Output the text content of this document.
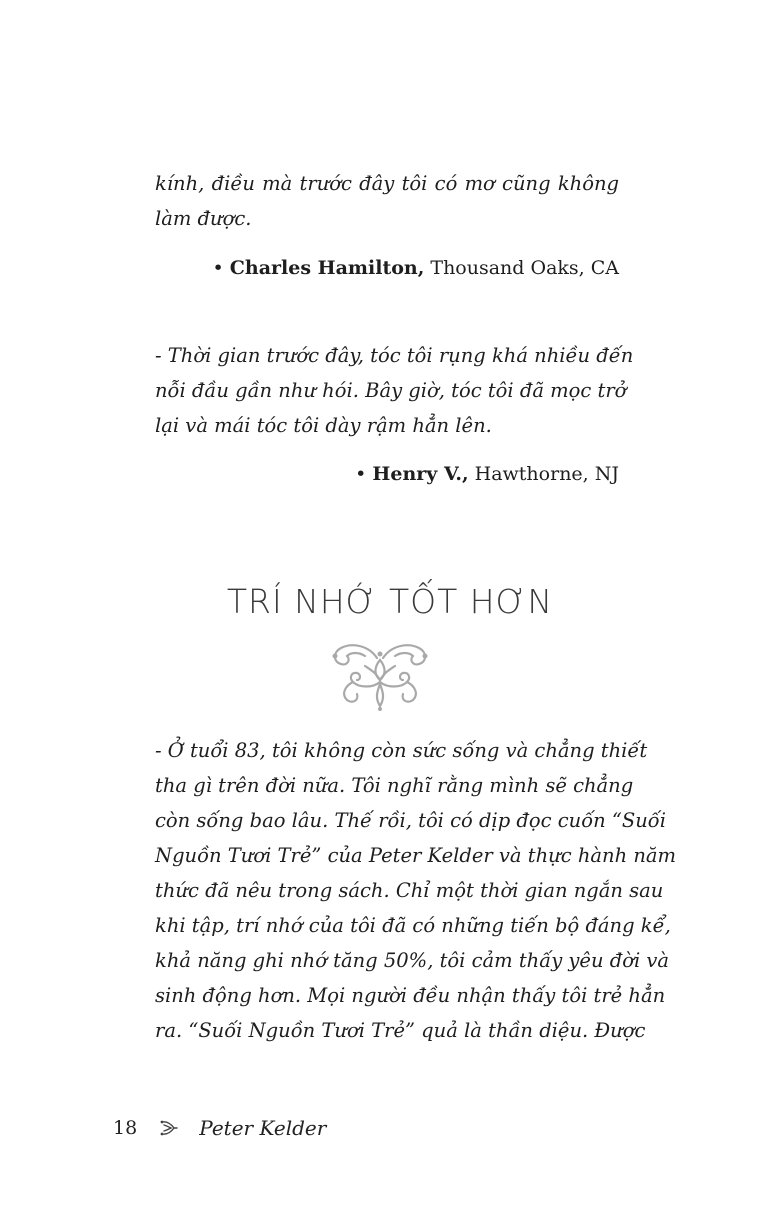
kính, điều mà trước đây tôi có mơ cũng không
làm được.
• Charles Hamilton, Thousand Oaks, CA
- Thời gian trước đây, tóc tôi rụng khá nhiều đến
nỗi đầu gần như hói. Bây giờ, tóc tôi đã mọc trở
lại và mái tóc tôi dày rậm hẳn lên.
• Henry V., Hawthorne, NJ
TRÍ NHỚ TỐT HƠN
- Ở tuổi 83, tôi không còn sức sống và chẳng thiết
tha gì trên đời nữa. Tôi nghĩ rằng mình sẽ chẳng
còn sống bao lâu. Thế rồi, tôi có dịp đọc cuốn “Suối
Nguồn Tươi Trẻ” của Peter Kelder và thực hành năm
thức đã nêu trong sách. Chỉ một thời gian ngắn sau
khi tập, trí nhớ của tôi đã có những tiến bộ đáng kể,
khả năng ghi nhớ tăng 50%, tôi cảm thấy yêu đời và
sinh động hơn. Mọi người đều nhận thấy tôi trẻ hẳn
ra. “Suối Nguồn Tươi Trẻ” quả là thần diệu. Được
18	Peter Kelder
